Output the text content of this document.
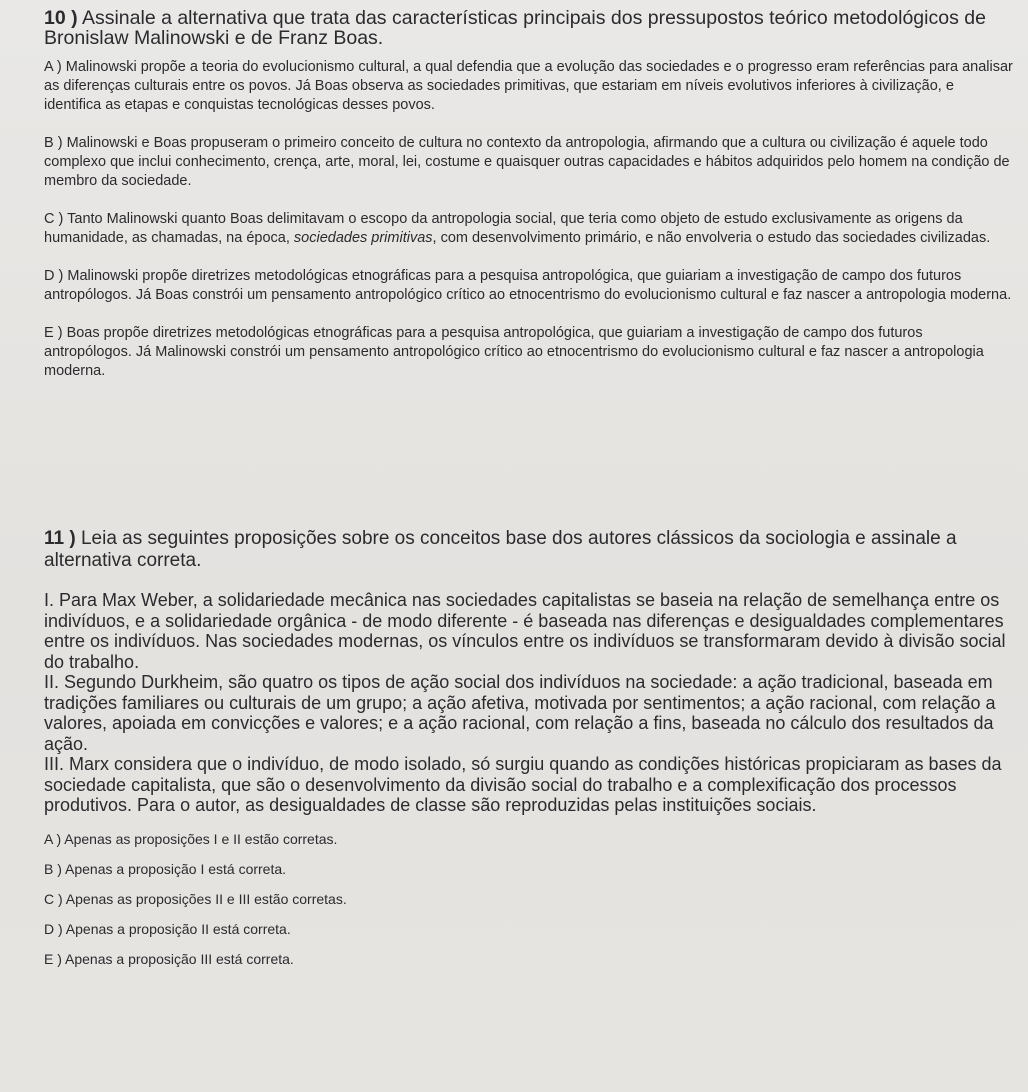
10 ) Assinale a alternativa que trata das características principais dos pressupostos teórico metodológicos de Bronislaw Malinowski e de Franz Boas.

A ) Malinowski propõe a teoria do evolucionismo cultural, a qual defendia que a evolução das sociedades e o progresso eram referências para analisar as diferenças culturais entre os povos. Já Boas observa as sociedades primitivas, que estariam em níveis evolutivos inferiores à civilização, e identifica as etapas e conquistas tecnológicas desses povos.

B ) Malinowski e Boas propuseram o primeiro conceito de cultura no contexto da antropologia, afirmando que a cultura ou civilização é aquele todo complexo que inclui conhecimento, crença, arte, moral, lei, costume e quaisquer outras capacidades e hábitos adquiridos pelo homem na condição de membro da sociedade.

C ) Tanto Malinowski quanto Boas delimitavam o escopo da antropologia social, que teria como objeto de estudo exclusivamente as origens da humanidade, as chamadas, na época, sociedades primitivas, com desenvolvimento primário, e não envolveria o estudo das sociedades civilizadas.

D ) Malinowski propõe diretrizes metodológicas etnográficas para a pesquisa antropológica, que guiariam a investigação de campo dos futuros antropólogos. Já Boas constrói um pensamento antropológico crítico ao etnocentrismo do evolucionismo cultural e faz nascer a antropologia moderna.

E ) Boas propõe diretrizes metodológicas etnográficas para a pesquisa antropológica, que guiariam a investigação de campo dos futuros antropólogos. Já Malinowski constrói um pensamento antropológico crítico ao etnocentrismo do evolucionismo cultural e faz nascer a antropologia moderna.

11 ) Leia as seguintes proposições sobre os conceitos base dos autores clássicos da sociologia e assinale a alternativa correta.

I. Para Max Weber, a solidariedade mecânica nas sociedades capitalistas se baseia na relação de semelhança entre os indivíduos, e a solidariedade orgânica - de modo diferente - é baseada nas diferenças e desigualdades complementares entre os indivíduos. Nas sociedades modernas, os vínculos entre os indivíduos se transformaram devido à divisão social do trabalho.

II. Segundo Durkheim, são quatro os tipos de ação social dos indivíduos na sociedade: a ação tradicional, baseada em tradições familiares ou culturais de um grupo; a ação afetiva, motivada por sentimentos; a ação racional, com relação a valores, apoiada em convicções e valores; e a ação racional, com relação a fins, baseada no cálculo dos resultados da ação.

III. Marx considera que o indivíduo, de modo isolado, só surgiu quando as condições históricas propiciaram as bases da sociedade capitalista, que são o desenvolvimento da divisão social do trabalho e a complexificação dos processos produtivos. Para o autor, as desigualdades de classe são reproduzidas pelas instituições sociais.

A ) Apenas as proposições I e II estão corretas.

B ) Apenas a proposição I está correta.

C ) Apenas as proposições II e III estão corretas.

D ) Apenas a proposição II está correta.

E ) Apenas a proposição III está correta.
